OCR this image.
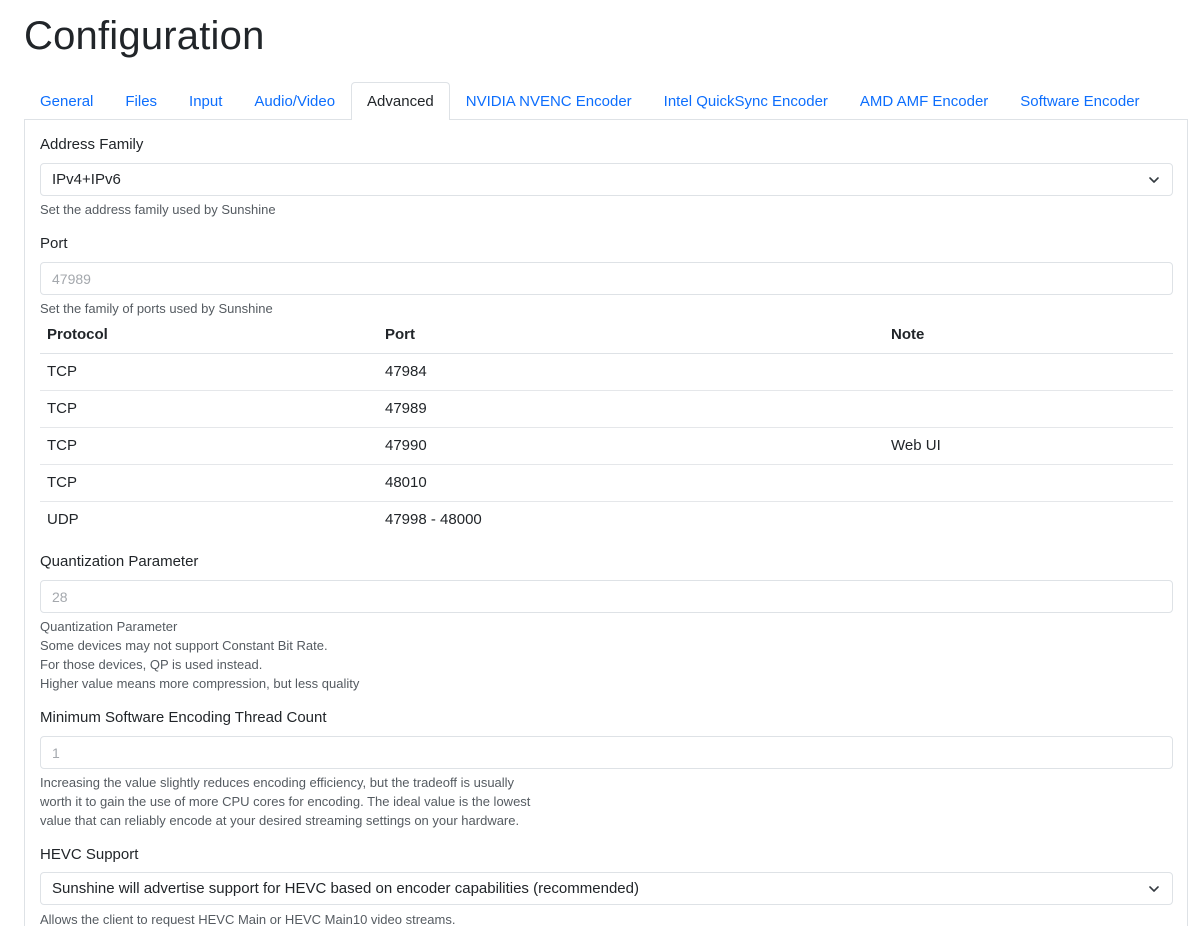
Configuration
General	Files	Input	Audio/Video	Advanced	NVIDIA NVENC Encoder	Intel QuickSync Encoder	AMD AMF Encoder	Software Encoder
Address Family
IPv4+IPv6
Set the address family used by Sunshine
Port
47989
Set the family of ports used by Sunshine
Protocol	Port	Note
TCP	47984	
TCP	47989	
TCP	47990	Web UI
TCP	48010	
UDP	47998 - 48000	
Quantization Parameter
28
Quantization Parameter
Some devices may not support Constant Bit Rate.
For those devices, QP is used instead.
Higher value means more compression, but less quality
Minimum Software Encoding Thread Count
1
Increasing the value slightly reduces encoding efficiency, but the tradeoff is usually
worth it to gain the use of more CPU cores for encoding. The ideal value is the lowest
value that can reliably encode at your desired streaming settings on your hardware.
HEVC Support
Sunshine will advertise support for HEVC based on encoder capabilities (recommended)
Allows the client to request HEVC Main or HEVC Main10 video streams.
